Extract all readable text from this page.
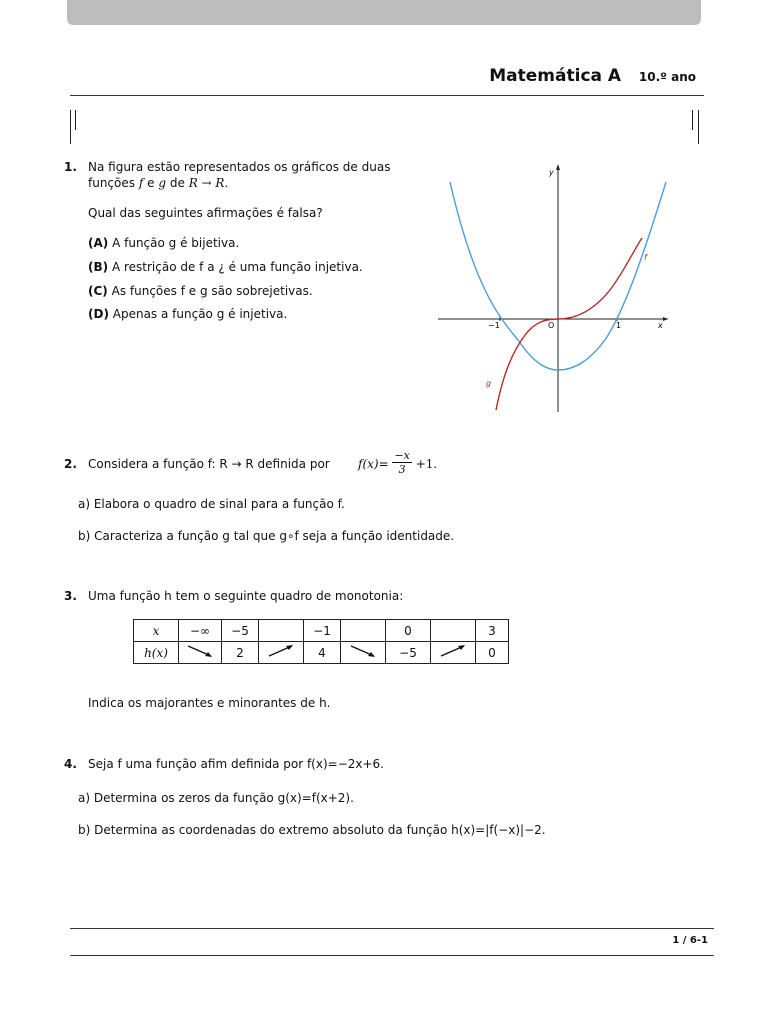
Matemática A 10.º ano
1. Na figura estão representados os gráficos de duas
funções f e g de R → R.
Qual das seguintes afirmações é falsa?
(A) A função g é bijetiva.
(B) A restrição de f a ¿ é uma função injetiva.
(C) As funções f e g são sobrejetivas.
(D) Apenas a função g é injetiva.
y
x
O
−1	1
f
g
2. Considera a função f: R → R definida por $f(x)= \frac{-x}{3} +1$.
a) Elabora o quadro de sinal para a função f.
b) Caracteriza a função g tal que g∘f seja a função identidade.
3. Uma função h tem o seguinte quadro de monotonia:
x	−∞	−5		−1		0		3
h(x)		2		4		−5		0
Indica os majorantes e minorantes de h.
4. Seja f uma função afim definida por f(x)=−2x+6.
a) Determina os zeros da função g(x)=f(x+2).
b) Determina as coordenadas do extremo absoluto da função h(x)=|f(−x)|−2.
1 / 6-1
